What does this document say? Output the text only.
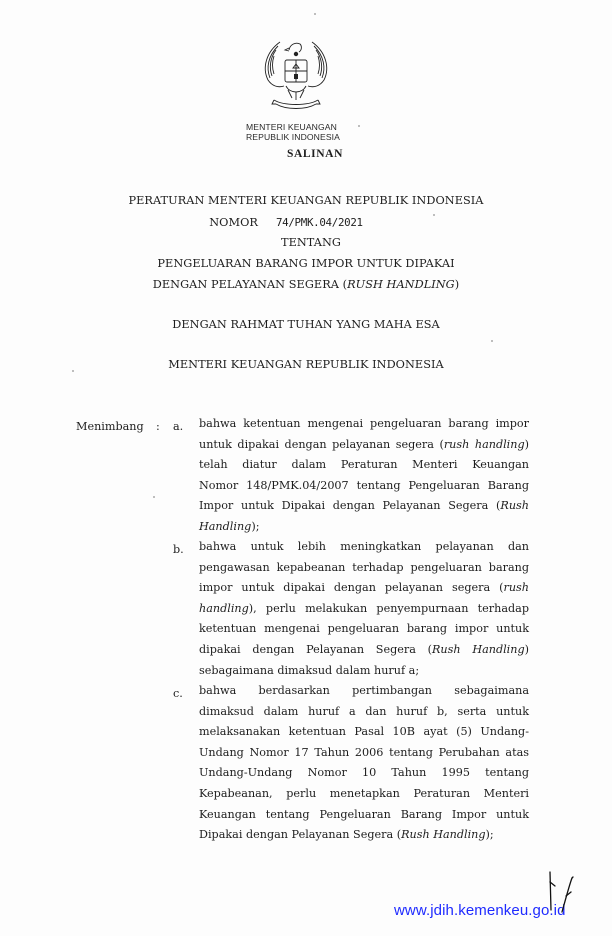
MENTERI KEUANGAN
REPUBLIK INDONESIA
SALINAN
PERATURAN MENTERI KEUANGAN REPUBLIK INDONESIA
NOMOR 74/PMK.04/2021
TENTANG
PENGELUARAN BARANG IMPOR UNTUK DIPAKAI
DENGAN PELAYANAN SEGERA (RUSH HANDLING)
DENGAN RAHMAT TUHAN YANG MAHA ESA
MENTERI KEUANGAN REPUBLIK INDONESIA
Menimbang : a. bahwa ketentuan mengenai pengeluaran barang impor
untuk dipakai dengan pelayanan segera (rush handling)
telah diatur dalam Peraturan Menteri Keuangan
Nomor 148/PMK.04/2007 tentang Pengeluaran Barang
Impor untuk Dipakai dengan Pelayanan Segera (Rush
Handling);
b. bahwa untuk lebih meningkatkan pelayanan dan
pengawasan kepabeanan terhadap pengeluaran barang
impor untuk dipakai dengan pelayanan segera (rush
handling), perlu melakukan penyempurnaan terhadap
ketentuan mengenai pengeluaran barang impor untuk
dipakai dengan Pelayanan Segera (Rush Handling)
sebagaimana dimaksud dalam huruf a;
c. bahwa berdasarkan pertimbangan sebagaimana
dimaksud dalam huruf a dan huruf b, serta untuk
melaksanakan ketentuan Pasal 10B ayat (5) Undang-
Undang Nomor 17 Tahun 2006 tentang Perubahan atas
Undang-Undang Nomor 10 Tahun 1995 tentang
Kepabeanan, perlu menetapkan Peraturan Menteri
Keuangan tentang Pengeluaran Barang Impor untuk
Dipakai dengan Pelayanan Segera (Rush Handling);
www.jdih.kemenkeu.go.id
